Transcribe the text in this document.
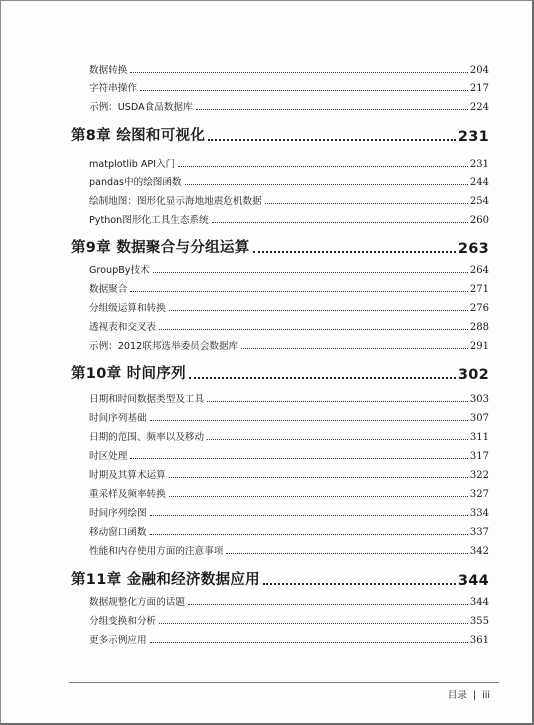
数据转换	204
字符串操作	217
示例：USDA食品数据库	224
第8章 绘图和可视化	231
matplotlib API入门	231
pandas中的绘图函数	244
绘制地图：图形化显示海地地震危机数据	254
Python图形化工具生态系统	260
第9章 数据聚合与分组运算	263
GroupBy技术	264
数据聚合	271
分组级运算和转换	276
透视表和交叉表	288
示例：2012联邦选举委员会数据库	291
第10章 时间序列	302
日期和时间数据类型及工具	303
时间序列基础	307
日期的范围、频率以及移动	311
时区处理	317
时期及其算术运算	322
重采样及频率转换	327
时间序列绘图	334
移动窗口函数	337
性能和内存使用方面的注意事项	342
第11章 金融和经济数据应用	344
数据规整化方面的话题	344
分组变换和分析	355
更多示例应用	361
目录 | iii
